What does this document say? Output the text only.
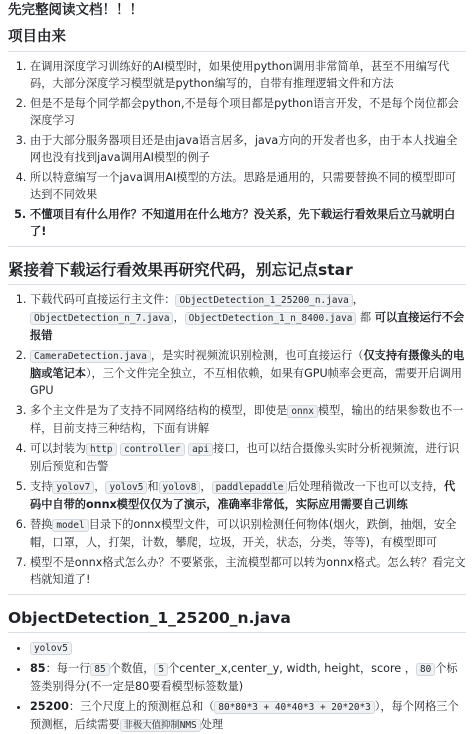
先完整阅读文档！！！

项目由来
1. 在调用深度学习训练好的AI模型时，如果使用python调用非常简单，甚至不用编写代码，大部分深度学习模型就是python编写的，自带有推理逻辑文件和方法
2. 但是不是每个同学都会python,不是每个项目都是python语言开发，不是每个岗位都会深度学习
3. 由于大部分服务器项目还是由java语言居多，java方向的开发者也多，由于本人找遍全网也没有找到java调用AI模型的例子
4. 所以特意编写一个java调用AI模型的方法。思路是通用的，只需要替换不同的模型即可达到不同效果
5. 不懂项目有什么用作？不知道用在什么地方？没关系，先下载运行看效果后立马就明白了!
紧接着下载运行看效果再研究代码，别忘记点star
1. 下载代码可直接运行主文件： ObjectDetection_1_25200_n.java ，ObjectDetection_n_7.java ， ObjectDetection_1_n_8400.java 都 可以直接运行不会报错
2. CameraDetection.java ，是实时视频流识别检测，也可直接运行（仅支持有摄像头的电脑或笔记本），三个文件完全独立，不互相依赖，如果有GPU帧率会更高，需要开启调用GPU
3. 多个主文件是为了支持不同网络结构的模型，即使是 onnx 模型，输出的结果参数也不一样，目前支持三种结构，下面有讲解
4. 可以封装为 http controller api 接口，也可以结合摄像头实时分析视频流，进行识别后预览和告警
5. 支持 yolov7 ， yolov5 和 yolov8 ， paddlepaddle 后处理稍微改一下也可以支持，代码中自带的onnx模型仅仅为了演示，准确率非常低，实际应用需要自己训练
6. 替换 model 目录下的onnx模型文件，可以识别检测任何物体(烟火，跌倒，抽烟，安全帽，口罩，人，打架，计数，攀爬，垃圾，开关，状态，分类，等等)，有模型即可
7. 模型不是onnx格式怎么办？不要紧张，主流模型都可以转为onnx格式。怎么转？看完文档就知道了!
ObjectDetection_1_25200_n.java
• yolov5
• 85：每一行 85 个数值， 5 个center_x,center_y, width, height，score ， 80 个标签类别得分(不一定是80要看模型标签数量)
• 25200：三个尺度上的预测框总和（ 80*80*3 + 40*40*3 + 20*20*3 ），每个网格三个预测框，后续需要 非极大值抑制NMS 处理
